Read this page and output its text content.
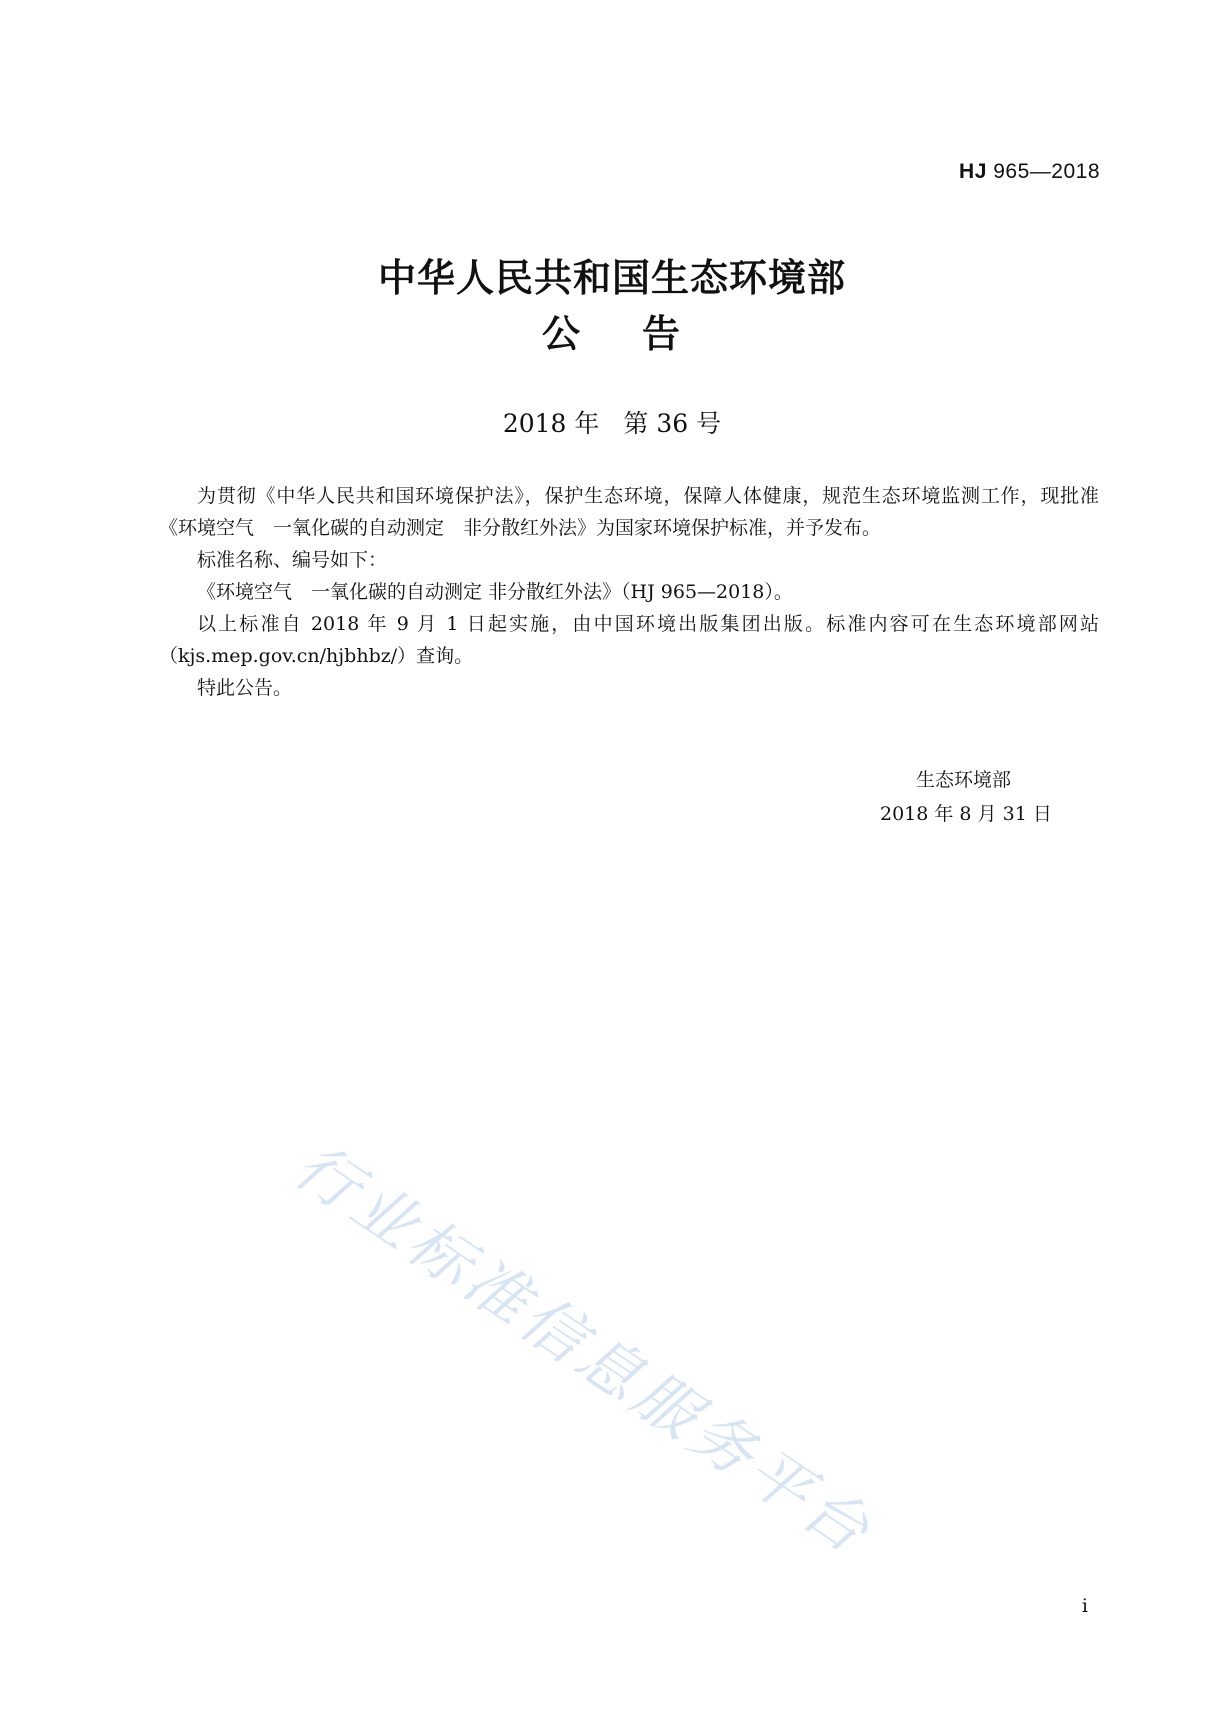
HJ 965—2018
中华人民共和国生态环境部
公 告
2018 年 第 36 号

为贯彻《中华人民共和国环境保护法》，保护生态环境，保障人体健康，规范生态环境监测工作，现批准《环境空气　一氧化碳的自动测定　非分散红外法》为国家环境保护标准，并予发布。

标准名称、编号如下：

《环境空气　一氧化碳的自动测定 非分散红外法》（HJ 965—2018）。

以上标准自 2018 年 9 月 1 日起实施，由中国环境出版集团出版。标准内容可在生态环境部网站（kjs.mep.gov.cn/hjbhbz/）查询。

特此公告。

生态环境部
2018 年 8 月 31 日
行业标准信息服务平台
i
